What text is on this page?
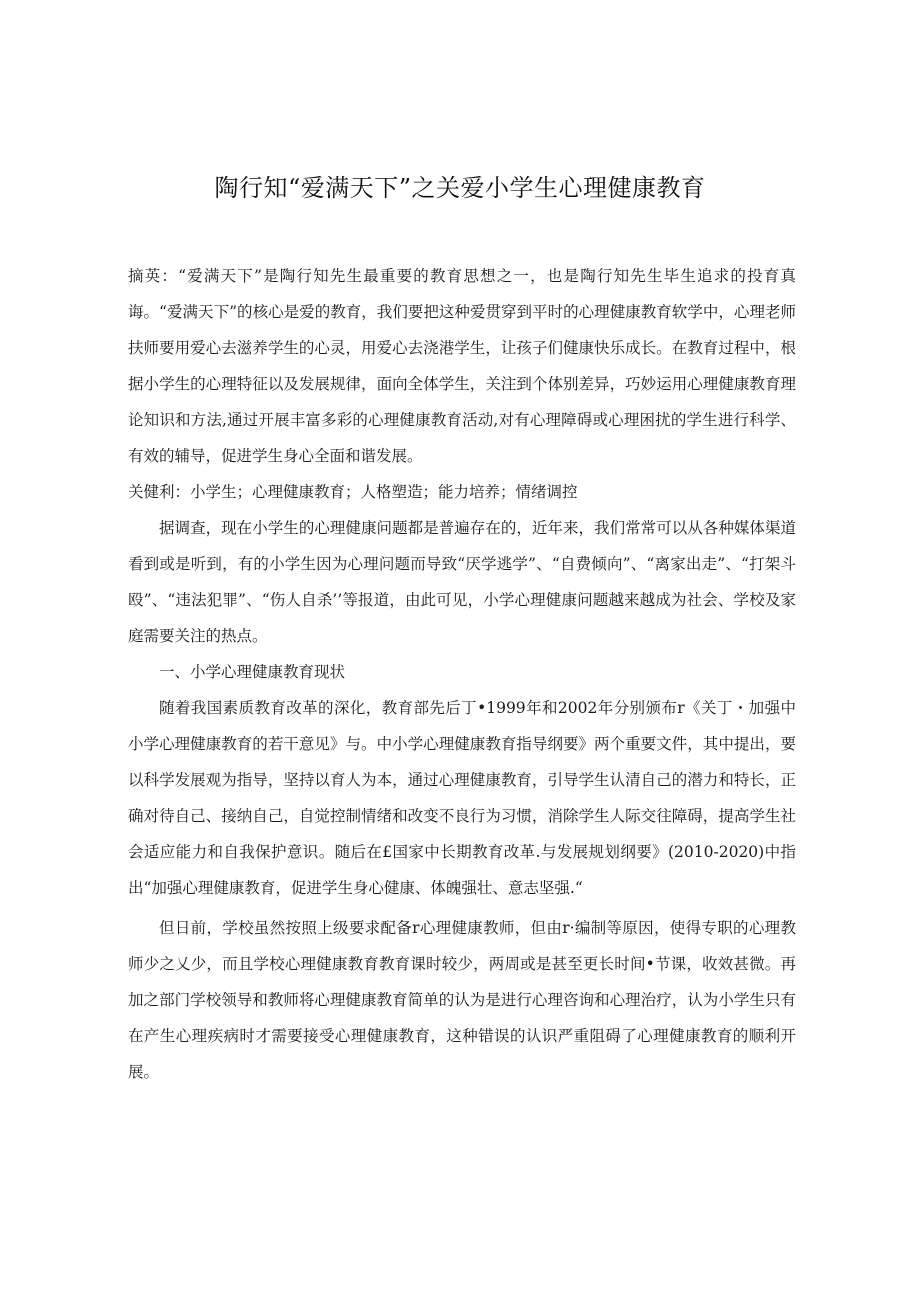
陶行知“爱满天下”之关爱小学生心理健康教育

摘英：“爱满天下”是陶行知先生最重要的教育思想之一，也是陶行知先生毕生追求的投育真诲。“爱满天下”的核心是爱的教育，我们要把这种爱贯穿到平时的心理健康教育软学中，心理老师扶师要用爱心去滋养学生的心灵，用爱心去浇港学生，让孩子们健康快乐成长。在教育过程中，根据小学生的心理特征以及发展规律，面向全体学生，关注到个体别差异，巧妙运用心理健康教育理论知识和方法,通过开展丰富多彩的心理健康教育活动,对有心理障碍或心理困扰的学生进行科学、有效的辅导，促进学生身心全面和谐发展。

关健利：小学生；心理健康教育；人格塑造；能力培养；情绪调控

据调查，现在小学生的心理健康问题都是普遍存在的，近年来，我们常常可以从各种媒体渠道看到或是听到，有的小学生因为心理问题而导致“厌学逃学”、“自费倾向”、“离家出走”、“打架斗殴”、“违法犯罪”、“伤人自杀’’等报道，由此可见，小学心理健康问题越来越成为社会、学校及家庭需要关注的热点。

一、小学心理健康教育现状

随着我国素质教育改革的深化，教育部先后丁•1999年和2002年分别颁布r《关丁・加强中小学心理健康教育的若干意见》与。中小学心理健康教育指导纲要》两个重要文件，其中提出，要以科学发展观为指导，坚持以育人为本，通过心理健康教育，引导学生认清自己的潜力和特长，正确对待自己、接纳自己，自觉控制情绪和改变不良行为习惯，消除学生人际交往障碍，提高学生社会适应能力和自我保护意识。随后在£国家中长期教育改革.与发展规划纲要》(2010-2020)中指出“加强心理健康教育，促进学生身心健康、体魄强壮、意志坚强.“

但日前，学校虽然按照上级要求配备r心理健康教师，但由r·编制等原因，使得专职的心理教师少之乂少，而且学校心理健康教育教育课时较少，两周或是甚至更长时间•节课，收效甚微。再加之部门学校领导和教师将心理健康教育简单的认为是进行心理咨询和心理治疗，认为小学生只有在产生心理疾病时才需要接受心理健康教育，这种错误的认识严重阻碍了心理健康教育的顺利开展。
